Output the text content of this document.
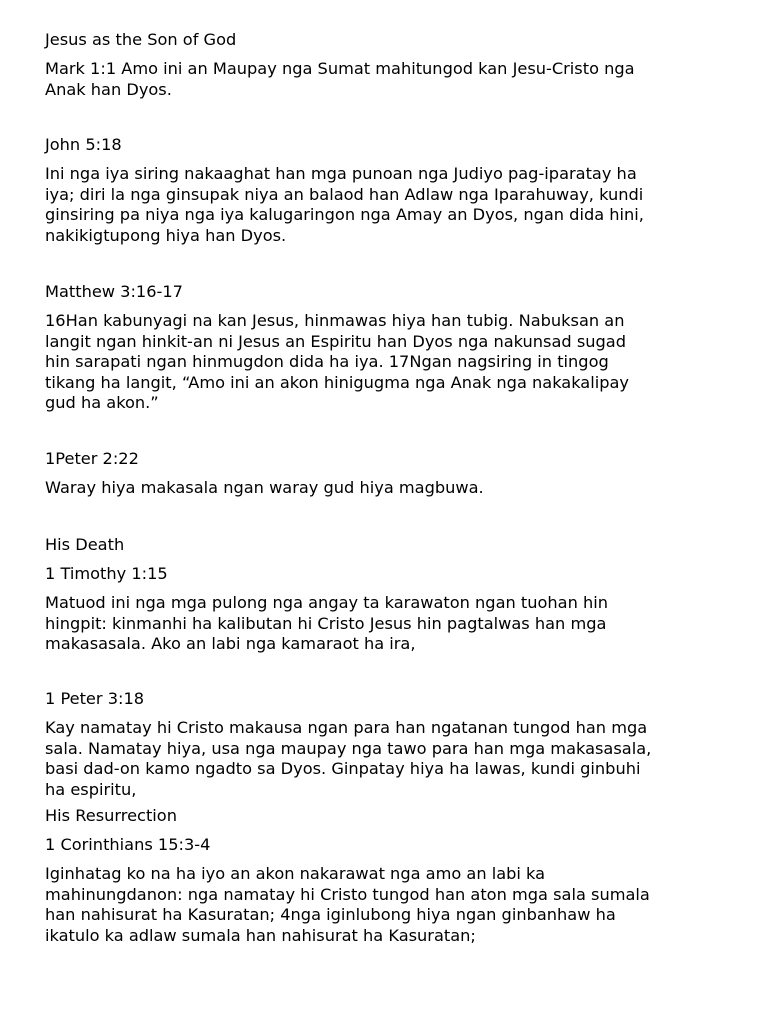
Jesus as the Son of God

Mark 1:1 Amo ini an Maupay nga Sumat mahitungod kan Jesu-Cristo nga
Anak han Dyos.

John 5:18

Ini nga iya siring nakaaghat han mga punoan nga Judiyo pag-iparatay ha
iya; diri la nga ginsupak niya an balaod han Adlaw nga Iparahuway, kundi
ginsiring pa niya nga iya kalugaringon nga Amay an Dyos, ngan dida hini,
nakikigtupong hiya han Dyos.

Matthew 3:16-17

16Han kabunyagi na kan Jesus, hinmawas hiya han tubig. Nabuksan an
langit ngan hinkit-an ni Jesus an Espiritu han Dyos nga nakunsad sugad
hin sarapati ngan hinmugdon dida ha iya. 17Ngan nagsiring in tingog
tikang ha langit, “Amo ini an akon hinigugma nga Anak nga nakakalipay
gud ha akon.”

1Peter 2:22

Waray hiya makasala ngan waray gud hiya magbuwa.

His Death

1 Timothy 1:15

Matuod ini nga mga pulong nga angay ta karawaton ngan tuohan hin
hingpit: kinmanhi ha kalibutan hi Cristo Jesus hin pagtalwas han mga
makasasala. Ako an labi nga kamaraot ha ira,

1 Peter 3:18

Kay namatay hi Cristo makausa ngan para han ngatanan tungod han mga
sala. Namatay hiya, usa nga maupay nga tawo para han mga makasasala,
basi dad-on kamo ngadto sa Dyos. Ginpatay hiya ha lawas, kundi ginbuhi
ha espiritu,

His Resurrection

1 Corinthians 15:3-4

Iginhatag ko na ha iyo an akon nakarawat nga amo an labi ka
mahinungdanon: nga namatay hi Cristo tungod han aton mga sala sumala
han nahisurat ha Kasuratan; 4nga iginlubong hiya ngan ginbanhaw ha
ikatulo ka adlaw sumala han nahisurat ha Kasuratan;
